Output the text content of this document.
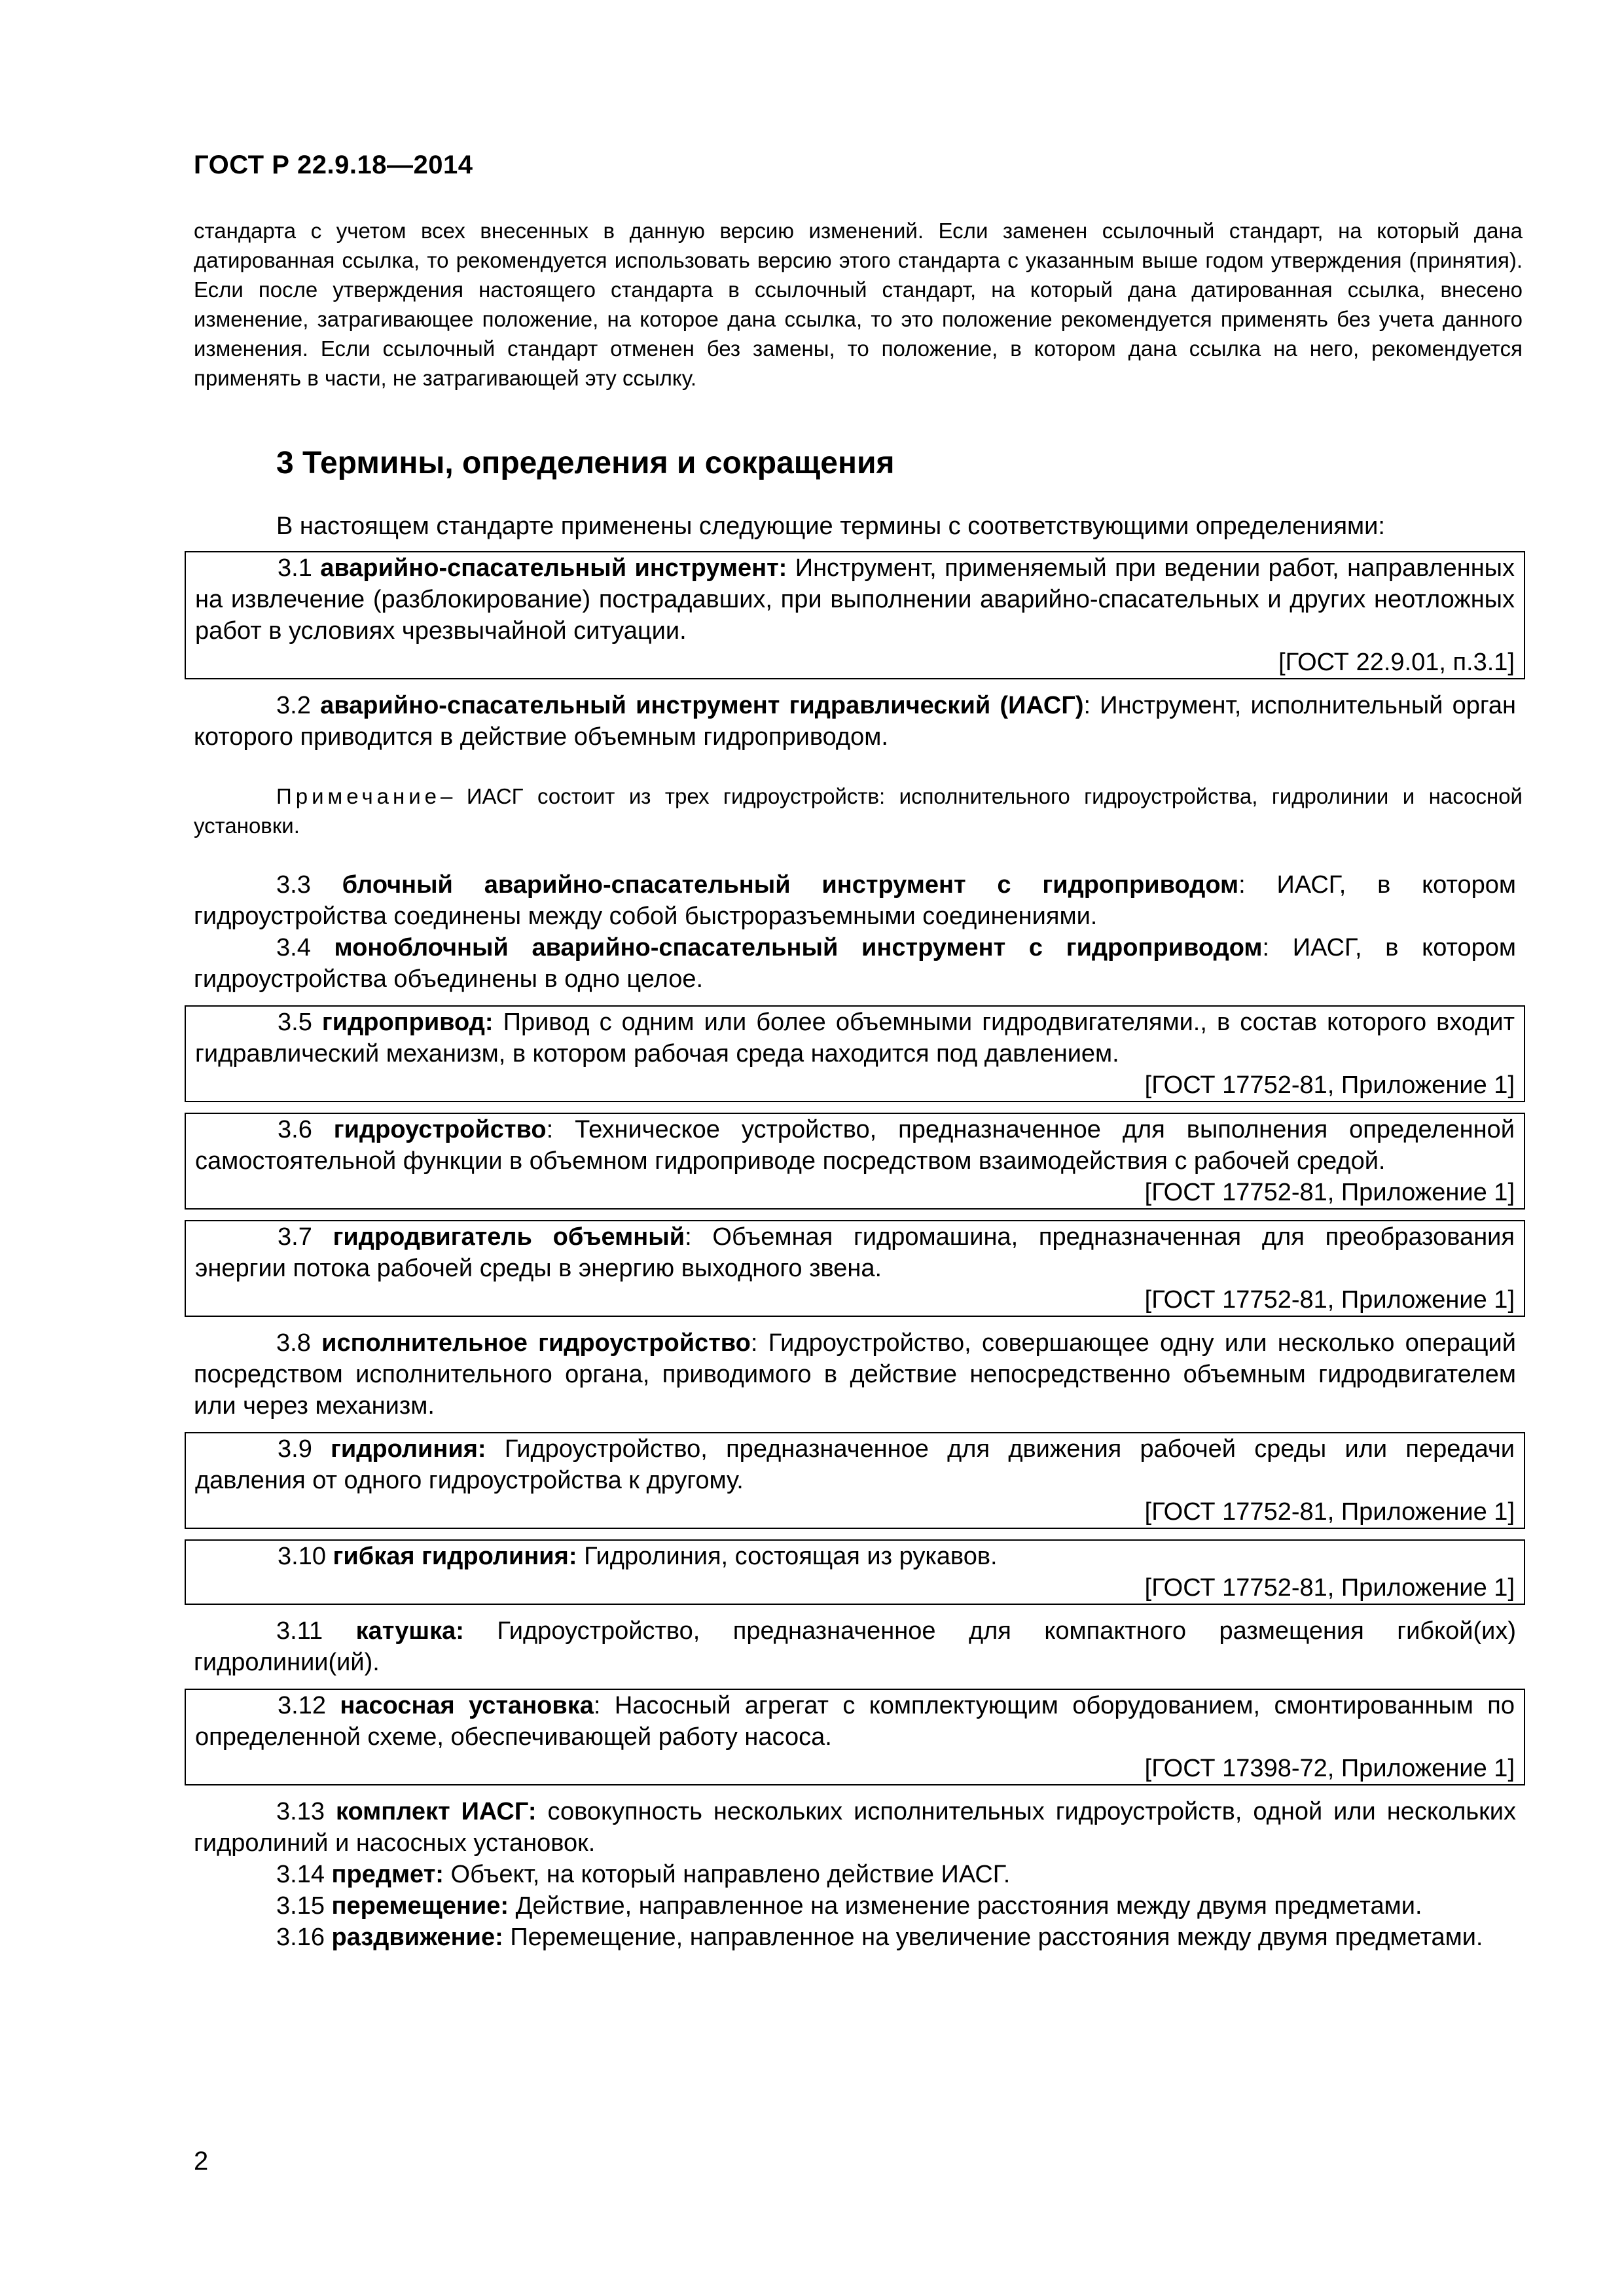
ГОСТ Р 22.9.18—2014
стандарта с учетом всех внесенных в данную версию изменений. Если заменен ссылочный стандарт, на который дана датированная ссылка, то рекомендуется использовать версию этого стандарта с указанным выше годом утверждения (принятия). Если после утверждения настоящего стандарта в ссылочный стандарт, на который дана датированная ссылка, внесено изменение, затрагивающее положение, на которое дана ссылка, то это положение рекомендуется применять без учета данного изменения. Если ссылочный стандарт отменен без замены, то положение, в котором дана ссылка на него, рекомендуется применять в части, не затрагивающей эту ссылку.
3 Термины, определения и сокращения
В настоящем стандарте применены следующие термины с соответствующими определениями:
3.1 аварийно-спасательный инструмент: Инструмент, применяемый при ведении работ, направленных на извлечение (разблокирование) пострадавших, при выполнении аварийно-спасательных и других неотложных работ в условиях чрезвычайной ситуации.
[ГОСТ 22.9.01, п.3.1]
3.2 аварийно-спасательный инструмент гидравлический (ИАСГ): Инструмент, исполнительный орган которого приводится в действие объемным гидроприводом.
Примечание– ИАСГ состоит из трех гидроустройств: исполнительного гидроустройства, гидролинии и насосной установки.
3.3 блочный аварийно-спасательный инструмент с гидроприводом: ИАСГ, в котором гидроустройства соединены между собой быстроразъемными соединениями.
3.4 моноблочный аварийно-спасательный инструмент с гидроприводом: ИАСГ, в котором гидроустройства объединены в одно целое.
3.5 гидропривод: Привод с одним или более объемными гидродвигателями., в состав которого входит гидравлический механизм, в котором рабочая среда находится под давлением.
[ГОСТ 17752-81, Приложение 1]
3.6 гидроустройство: Техническое устройство, предназначенное для выполнения определенной самостоятельной функции в объемном гидроприводе посредством взаимодействия с рабочей средой.
[ГОСТ 17752-81, Приложение 1]
3.7 гидродвигатель объемный: Объемная гидромашина, предназначенная для преобразования энергии потока рабочей среды в энергию выходного звена.
[ГОСТ 17752-81, Приложение 1]
3.8 исполнительное гидроустройство: Гидроустройство, совершающее одну или несколько операций посредством исполнительного органа, приводимого в действие непосредственно объемным гидродвигателем или через механизм.
3.9 гидролиния: Гидроустройство, предназначенное для движения рабочей среды или передачи давления от одного гидроустройства к другому.
[ГОСТ 17752-81, Приложение 1]
3.10 гибкая гидролиния: Гидролиния, состоящая из рукавов.
[ГОСТ 17752-81, Приложение 1]
3.11 катушка: Гидроустройство, предназначенное для компактного размещения гибкой(их) гидролинии(ий).
3.12 насосная установка: Насосный агрегат с комплектующим оборудованием, смонтированным по определенной схеме, обеспечивающей работу насоса.
[ГОСТ 17398-72, Приложение 1]
3.13 комплект ИАСГ: совокупность нескольких исполнительных гидроустройств, одной или нескольких гидролиний и насосных установок.
3.14 предмет: Объект, на который направлено действие ИАСГ.
3.15 перемещение: Действие, направленное на изменение расстояния между двумя предметами.
3.16 раздвижение: Перемещение, направленное на увеличение расстояния между двумя предметами.
2
